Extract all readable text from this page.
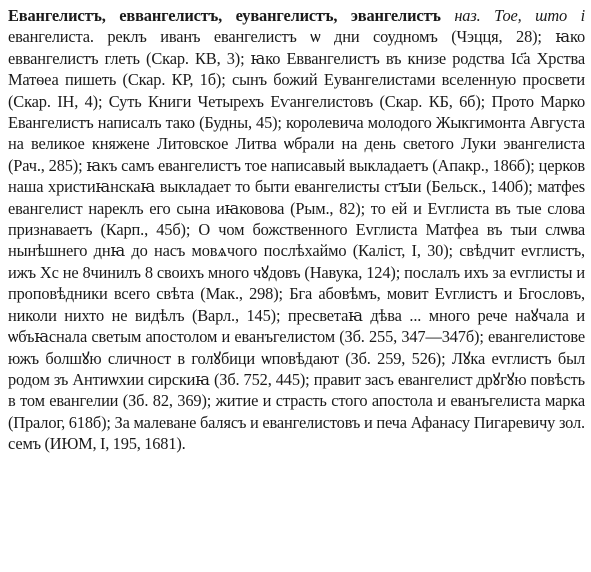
Евангелистъ, еввангелистъ, еувангелистъ, эвангелистъ наз. Тое, што і евангелиста. реклъ иванъ евангелистъ ѡ дни соудномъ (Чэцця, 28); ꙗко еввангелистъ глеть (Скар. КВ, 3); ꙗко Еввангелистъ въ книзе родства Іс҃а Хрства Матѳеа пишеть (Скар. КР, 1б); сынъ божий Еувангелистами вселенную просвети (Скар. ІН, 4); Суть Книги Четырехъ Еѵангелистовъ (Скар. КБ, 6б); Прото Марко Евангелистъ написалъ тако (Будны, 45); королевича молодого Жыкгимонта Августа на великое княжене Литовское Литва ѡбрали на день светого Луки эвангелиста (Рач., 285); ꙗкъ самъ евангелистъ тое написавый выкладаетъ (Апакр., 186б); церков наша христиꙗнскаꙗ выкладает то быти евангелисты стꙑи (Бельск., 140б); матфеѕ евангелист нареклъ его сына иꙗковова (Рым., 82); то ей и Еvглиста въ тые слова признаваетъ (Карп., 45б); О чом божственного Еvглиста Матфеа въ тыи слѡва нынѣшнего днꙗ до насъ мовѧчого послѣхаймо (Каліст, І, 30); свѣдчит еvглистъ, ижъ Хс не 8чинилъ 8 своихъ много чꙋдовъ (Навука, 124); послалъ ихъ за еvглисты и проповѣдники всего свѣта (Мак., 298); Бга абовѣмъ, мовит Еvглистъ и Бгословъ, николи нихто не видѣлъ (Варл., 145); пресветаꙗ дѣва ... много рече наꙋчала и ѡбъꙗснала светым апостолом и еванъгелистом (Зб. 255, 347—347б); евангелистове южъ болшꙋю сличност в голꙋбици ѡповѣдают (Зб. 259, 526); Лꙋка еvглистъ был родом зъ Антиѡхии сирскиꙗ (Зб. 752, 445); правит засъ евангелист дрꙋгꙋю повѣсть в том евангелии (Зб. 82, 369); житие и страсть стого апостола и еванъгелиста марка (Пралог, 618б); За малеване балясъ и евангелистовъ и печа Афанасу Пигаревичу зол. семъ (ИЮМ, І, 195, 1681).
